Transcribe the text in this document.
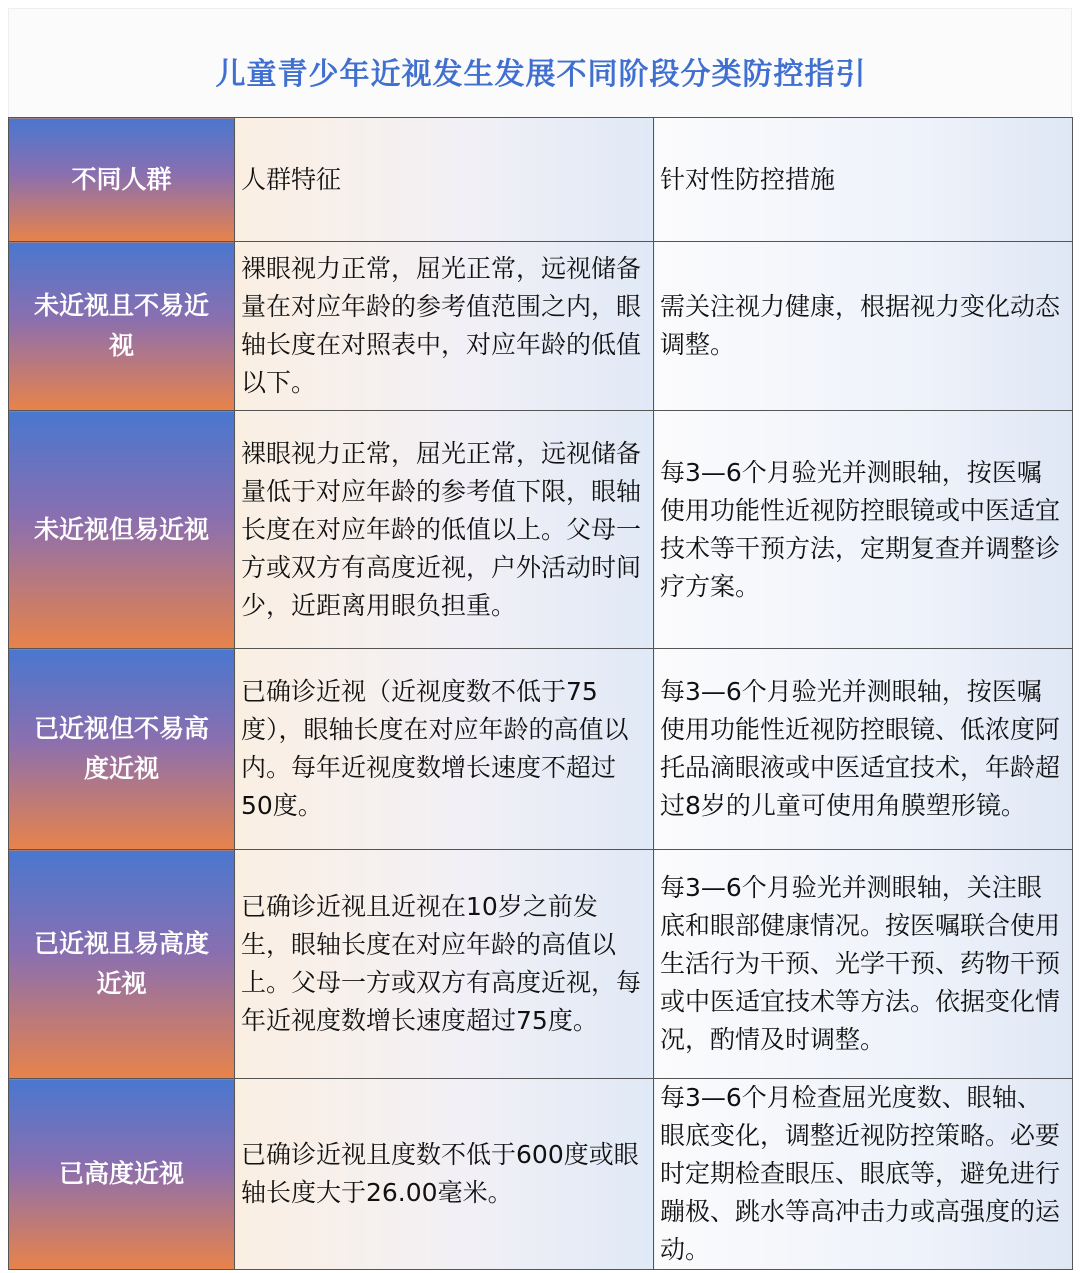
儿童青少年近视发生发展不同阶段分类防控指引
不同人群	人群特征	针对性防控措施
未近视且不易近视	裸眼视力正常，屈光正常，远视储备量在对应年龄的参考值范围之内，眼轴长度在对照表中，对应年龄的低值以下。	需关注视力健康，根据视力变化动态调整。
未近视但易近视	裸眼视力正常，屈光正常，远视储备量低于对应年龄的参考值下限，眼轴长度在对应年龄的低值以上。父母一方或双方有高度近视，户外活动时间少，近距离用眼负担重。	每3—6个月验光并测眼轴，按医嘱使用功能性近视防控眼镜或中医适宜技术等干预方法，定期复查并调整诊疗方案。
已近视但不易高度近视	已确诊近视（近视度数不低于75度），眼轴长度在对应年龄的高值以内。每年近视度数增长速度不超过50度。	每3—6个月验光并测眼轴，按医嘱使用功能性近视防控眼镜、低浓度阿托品滴眼液或中医适宜技术，年龄超过8岁的儿童可使用角膜塑形镜。
已近视且易高度近视	已确诊近视且近视在10岁之前发生，眼轴长度在对应年龄的高值以上。父母一方或双方有高度近视，每年近视度数增长速度超过75度。	每3—6个月验光并测眼轴，关注眼底和眼部健康情况。按医嘱联合使用生活行为干预、光学干预、药物干预或中医适宜技术等方法。依据变化情况，酌情及时调整。
已高度近视	已确诊近视且度数不低于600度或眼轴长度大于26.00毫米。	每3—6个月检查屈光度数、眼轴、眼底变化，调整近视防控策略。必要时定期检查眼压、眼底等，避免进行蹦极、跳水等高冲击力或高强度的运动。
